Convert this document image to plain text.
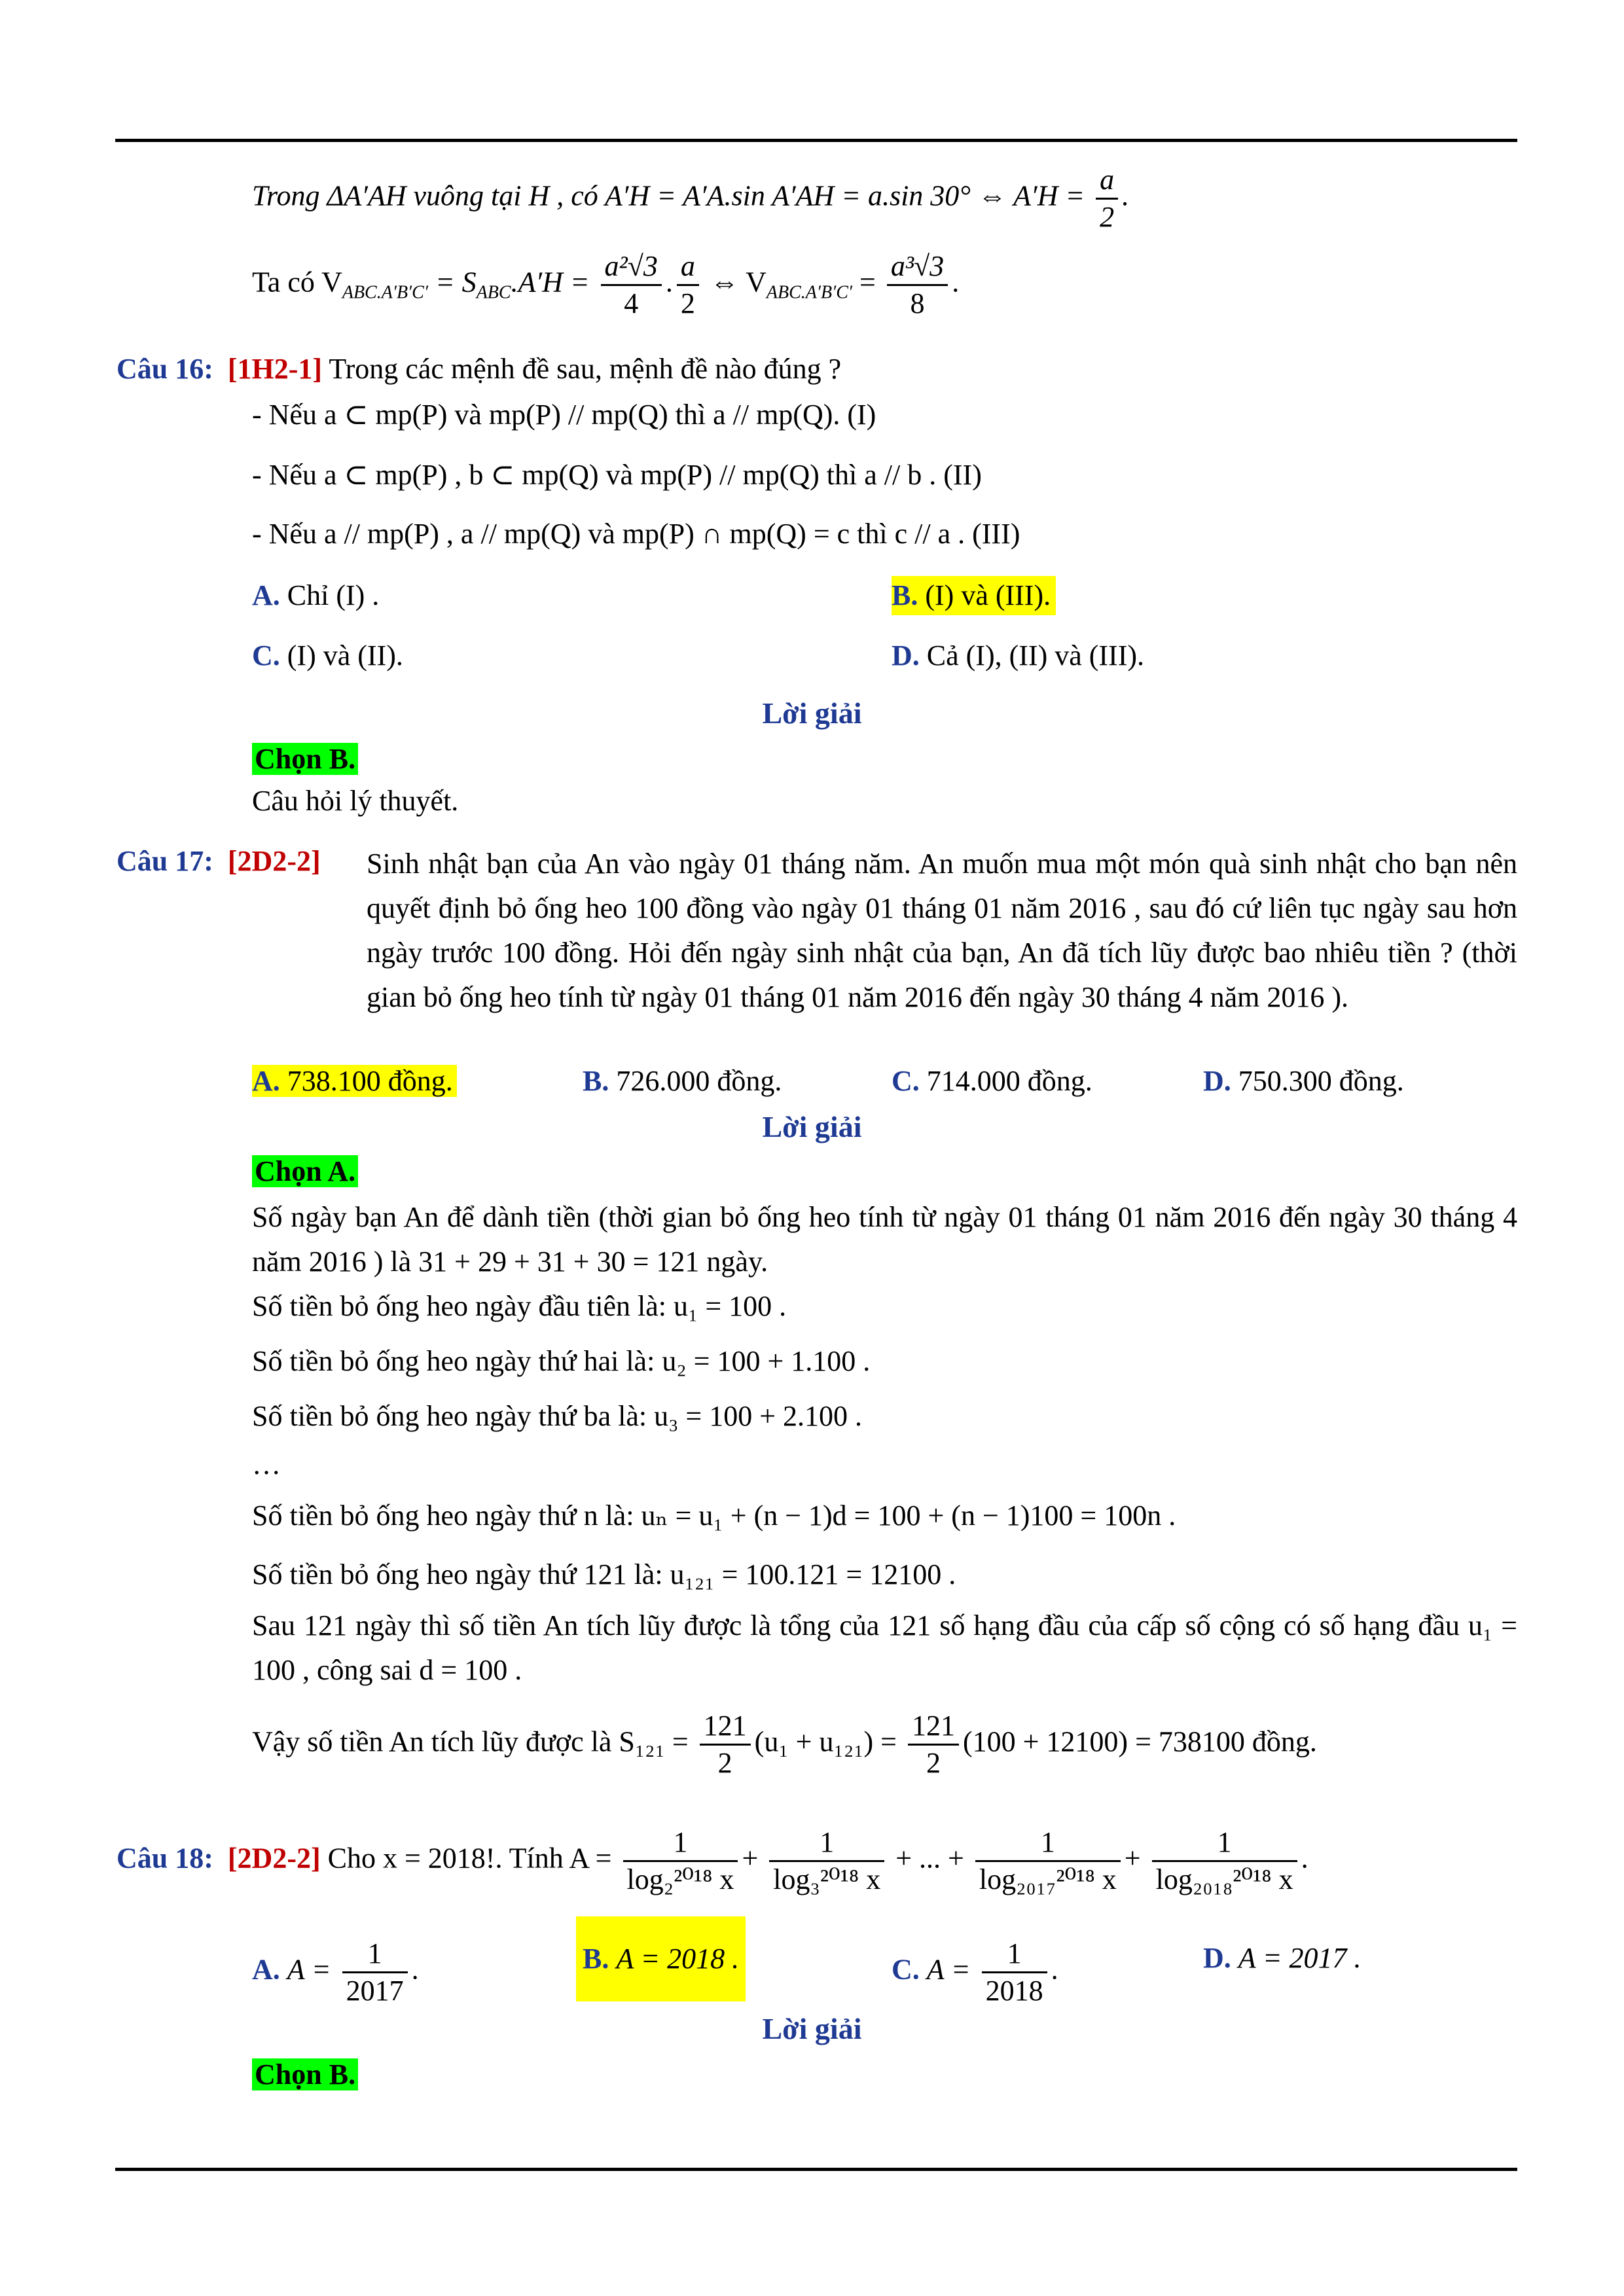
Trong ΔA′AH vuông tại H , có A′H = A′A.sin A′AH = a.sin 30° ⇔ $A'H = \frac{a}{2}$ .
Ta có $V_{ABC.A'B'C'} = S_{ABC}.A'H = \frac{\text{a²√3}}{4}$ . $\frac{a}{2}$ ⇔ $V_{ABC.A'B'C'} = \frac{\text{a³√3}}{8}$ .
Câu 16: [1H2-1] Trong các mệnh đề sau, mệnh đề nào đúng ?
- Nếu a ⊂ mp(P) và mp(P) // mp(Q) thì a // mp(Q). (I)
- Nếu a ⊂ mp(P) , b ⊂ mp(Q) và mp(P) // mp(Q) thì a // b . (II)
- Nếu a // mp(P) , a // mp(Q) và mp(P) ∩ mp(Q) = c thì c // a . (III)
A. Chỉ (I) .	B. (I) và (III).
C. (I) và (II).	D. Cả (I), (II) và (III).
Lời giải
Chọn B.
Câu hỏi lý thuyết.
Câu 17: [2D2-2] Sinh nhật bạn của An vào ngày 01 tháng năm. An muốn mua một món quà sinh nhật cho bạn nên quyết định bỏ ống heo 100 đồng vào ngày 01 tháng 01 năm 2016 , sau đó cứ liên tục ngày sau hơn ngày trước 100 đồng. Hỏi đến ngày sinh nhật của bạn, An đã tích lũy được bao nhiêu tiền ? (thời gian bỏ ống heo tính từ ngày 01 tháng 01 năm 2016 đến ngày 30 tháng 4 năm 2016 ).
A. 738.100 đồng.	B. 726.000 đồng.	C. 714.000 đồng.	D. 750.300 đồng.
Lời giải
Chọn A.
Số ngày bạn An để dành tiền (thời gian bỏ ống heo tính từ ngày 01 tháng 01 năm 2016 đến ngày 30 tháng 4 năm 2016 ) là 31 + 29 + 31 + 30 = 121 ngày.
Số tiền bỏ ống heo ngày đầu tiên là: u₁ = 100 .
Số tiền bỏ ống heo ngày thứ hai là: u₂ = 100 + 1.100 .
Số tiền bỏ ống heo ngày thứ ba là: u₃ = 100 + 2.100 .
…
Số tiền bỏ ống heo ngày thứ n là: uₙ = u₁ + (n − 1)d = 100 + (n − 1)100 = 100n .
Số tiền bỏ ống heo ngày thứ 121 là: u₁₂₁ = 100.121 = 12100 .
Sau 121 ngày thì số tiền An tích lũy được là tổng của 121 số hạng đầu của cấp số cộng có số hạng đầu u₁ = 100 , công sai d = 100 .
Vậy số tiền An tích lũy được là $S_{121} = \frac{121}{2} (u_1 + u_{121}) = \frac{121}{2} (100 + 12100) = 738100$ đồng.
Câu 18: [2D2-2] Cho x = 2018!. Tính $A = \frac{1}{\text{log₂²⁰¹⁸ x}} + \frac{1}{\text{log₃²⁰¹⁸ x}}$ + ... + $\frac{1}{\text{log₂₀₁₇²⁰¹⁸ x}} + \frac{1}{\text{log₂₀₁₈²⁰¹⁸ x}}$ .
A. $A = \frac{1}{2017}$ .	B. A = 2018 .	C. $A = \frac{1}{2018}$ .	D. A = 2017 .
Lời giải
Chọn B.
